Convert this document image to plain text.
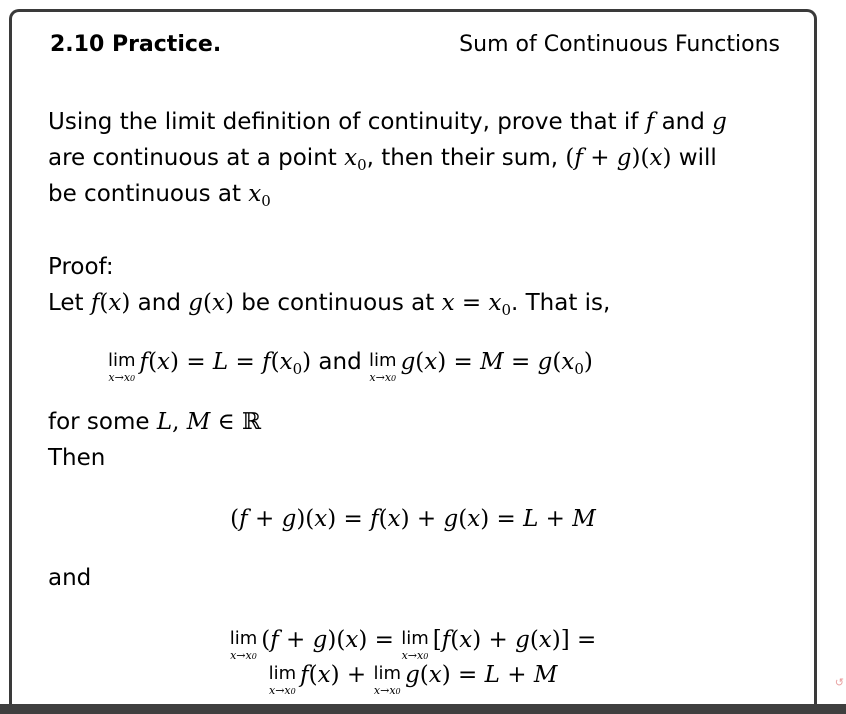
2.10 Practice.	Sum of Continuous Functions
Using the limit definition of continuity, prove that if f and g
are continuous at a point $x_0$, then their sum, (f + g)(x) will
be continuous at $x_0$
Proof:
Let f(x) and g(x) be continuous at $x = x_0$. That is,
lim
x→x0
$f(x) = L = f(x_0)$ and lim
x→x0
$g(x) = M = g(x_0)$
for some L, M ∈ ℝ
Then
(f + g)(x) = f(x) + g(x) = L + M
and
lim
x→x0
(f + g)(x) = lim
x→x0
[f(x) + g(x)] =
lim
x→x0
f(x) + lim
x→x0
g(x) = L + M	↺
